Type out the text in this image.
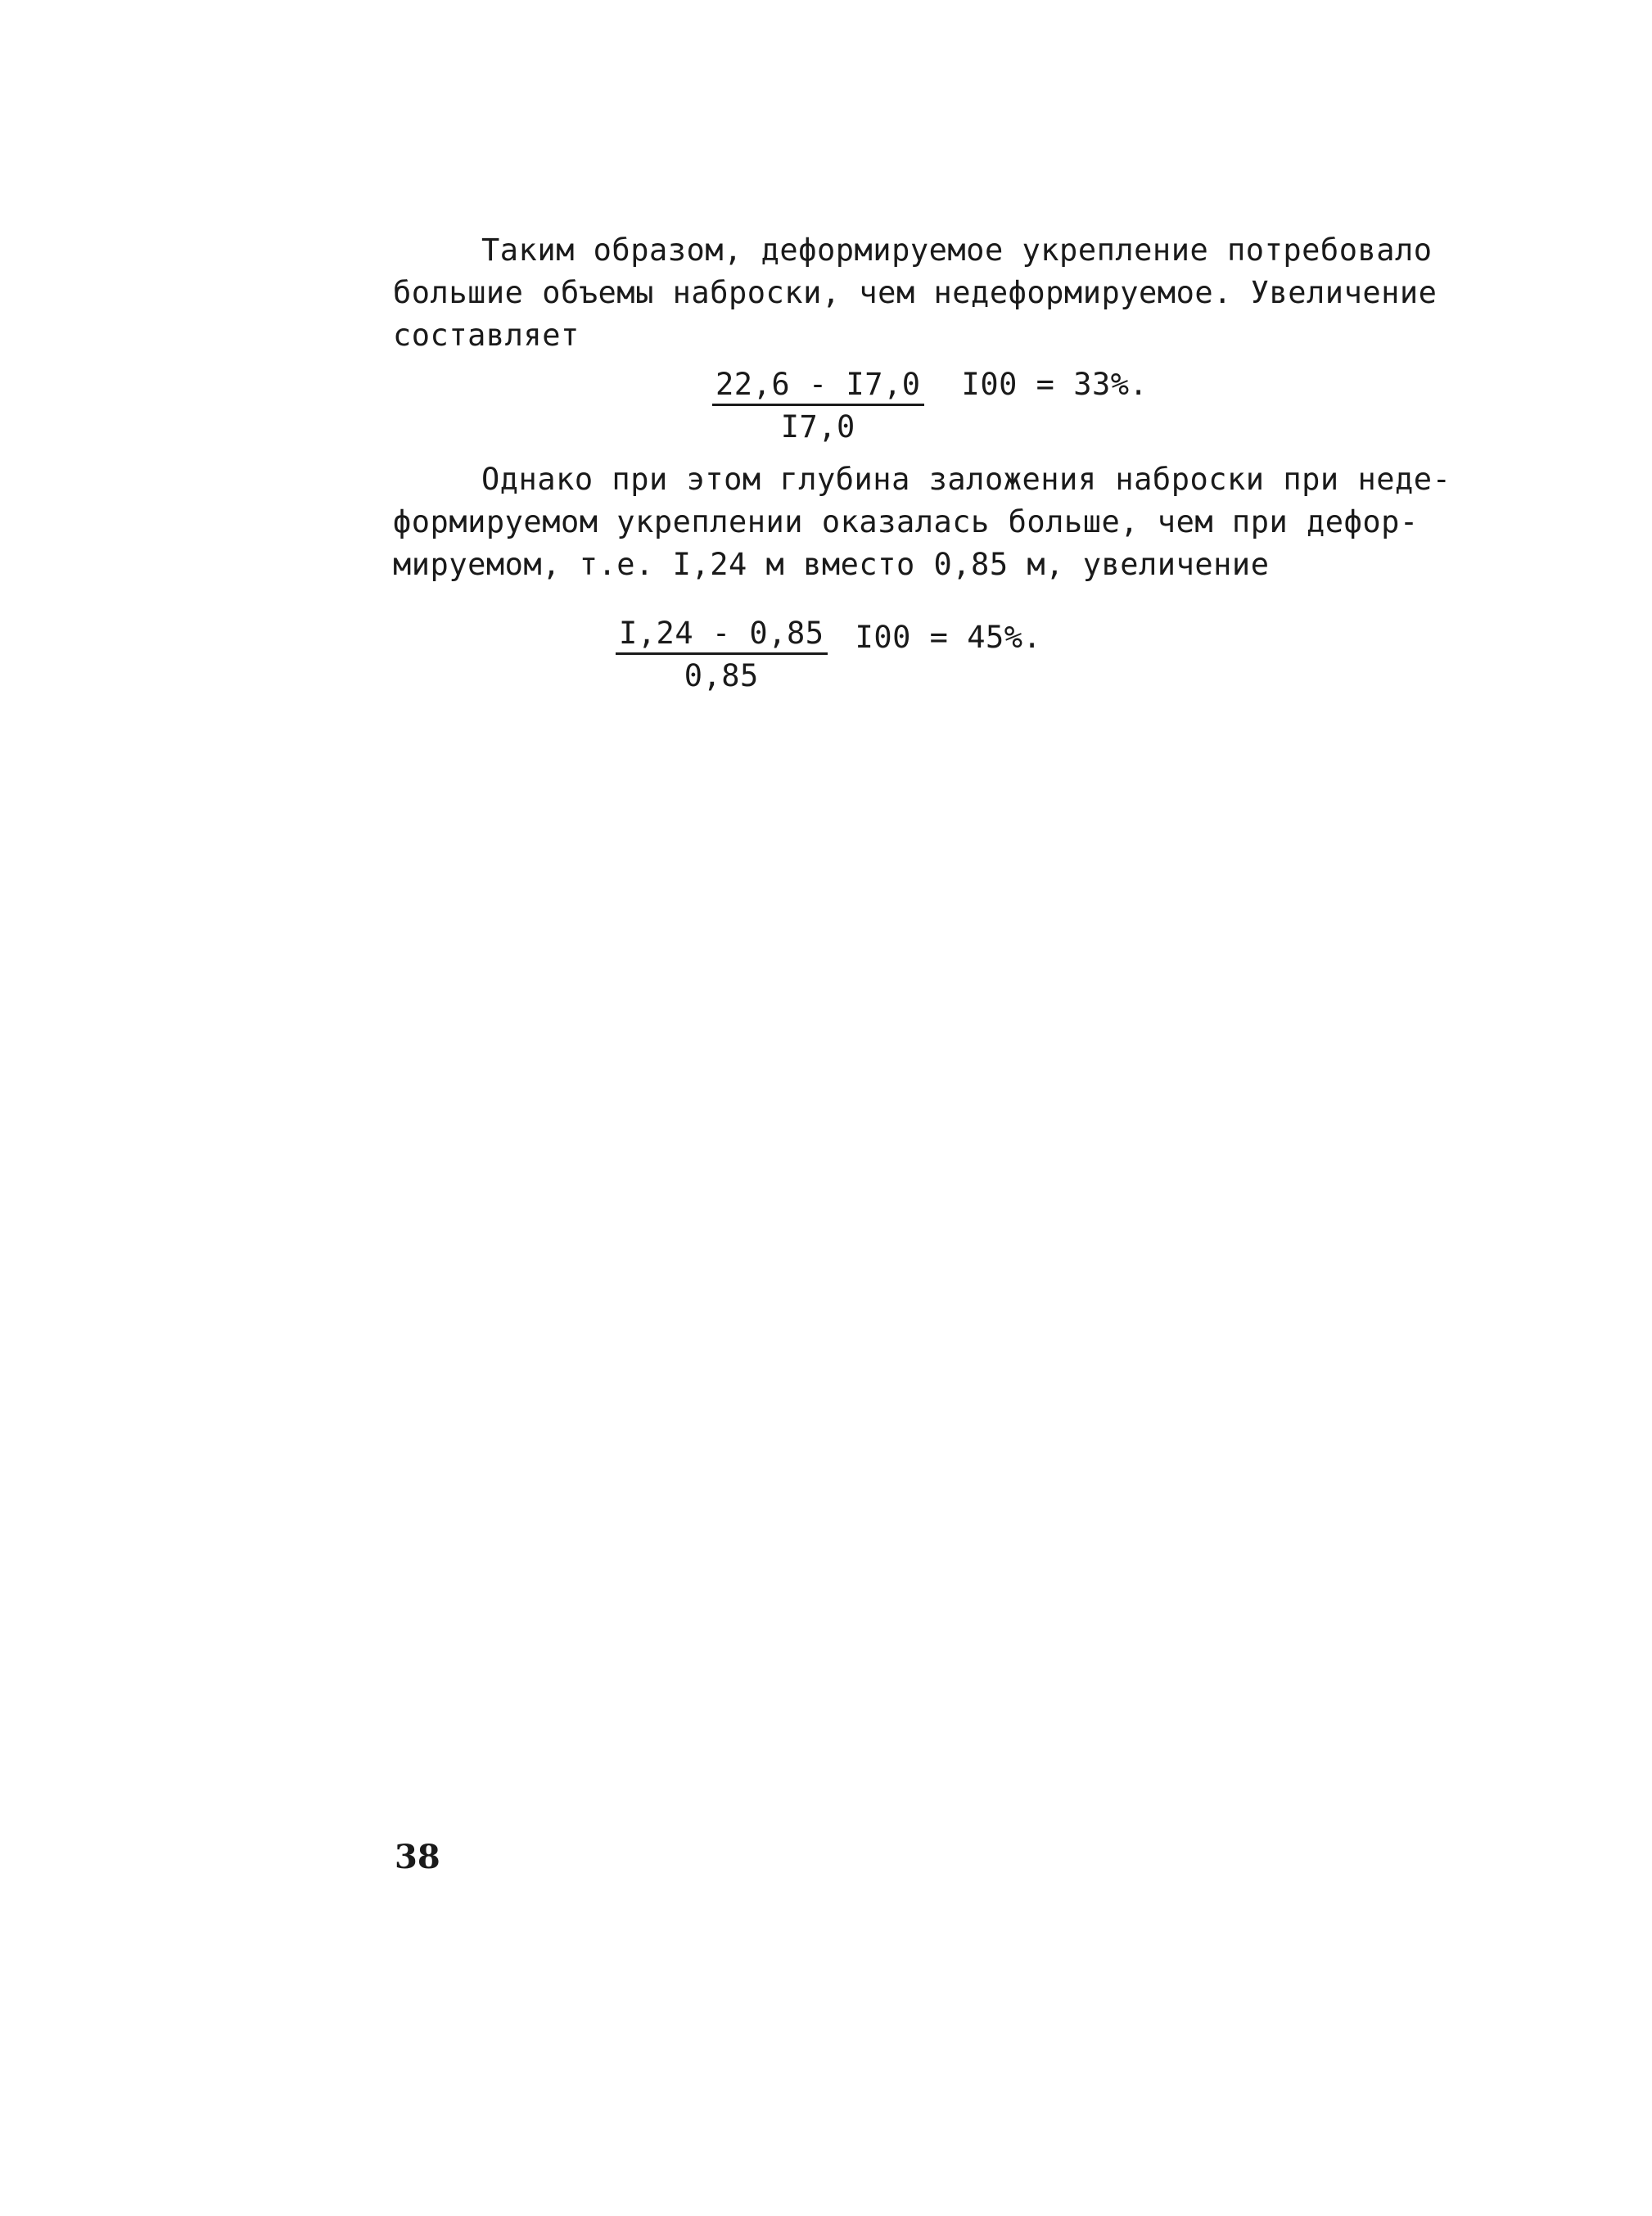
Таким образом, деформируемое укрепление потребовало
большие объемы наброски, чем недеформируемое. Увеличение
составляет
$\frac{22,6 - I7,0}{I7,0} I00 = 33\%$.
Однако при этом глубина заложения наброски при неде-
формируемом укреплении оказалась больше, чем при дефор-
мируемом, т.е. I,24 м вместо 0,85 м, увеличение
$\frac{I,24 - 0,85}{0,85} I00 = 45\%$.
38
